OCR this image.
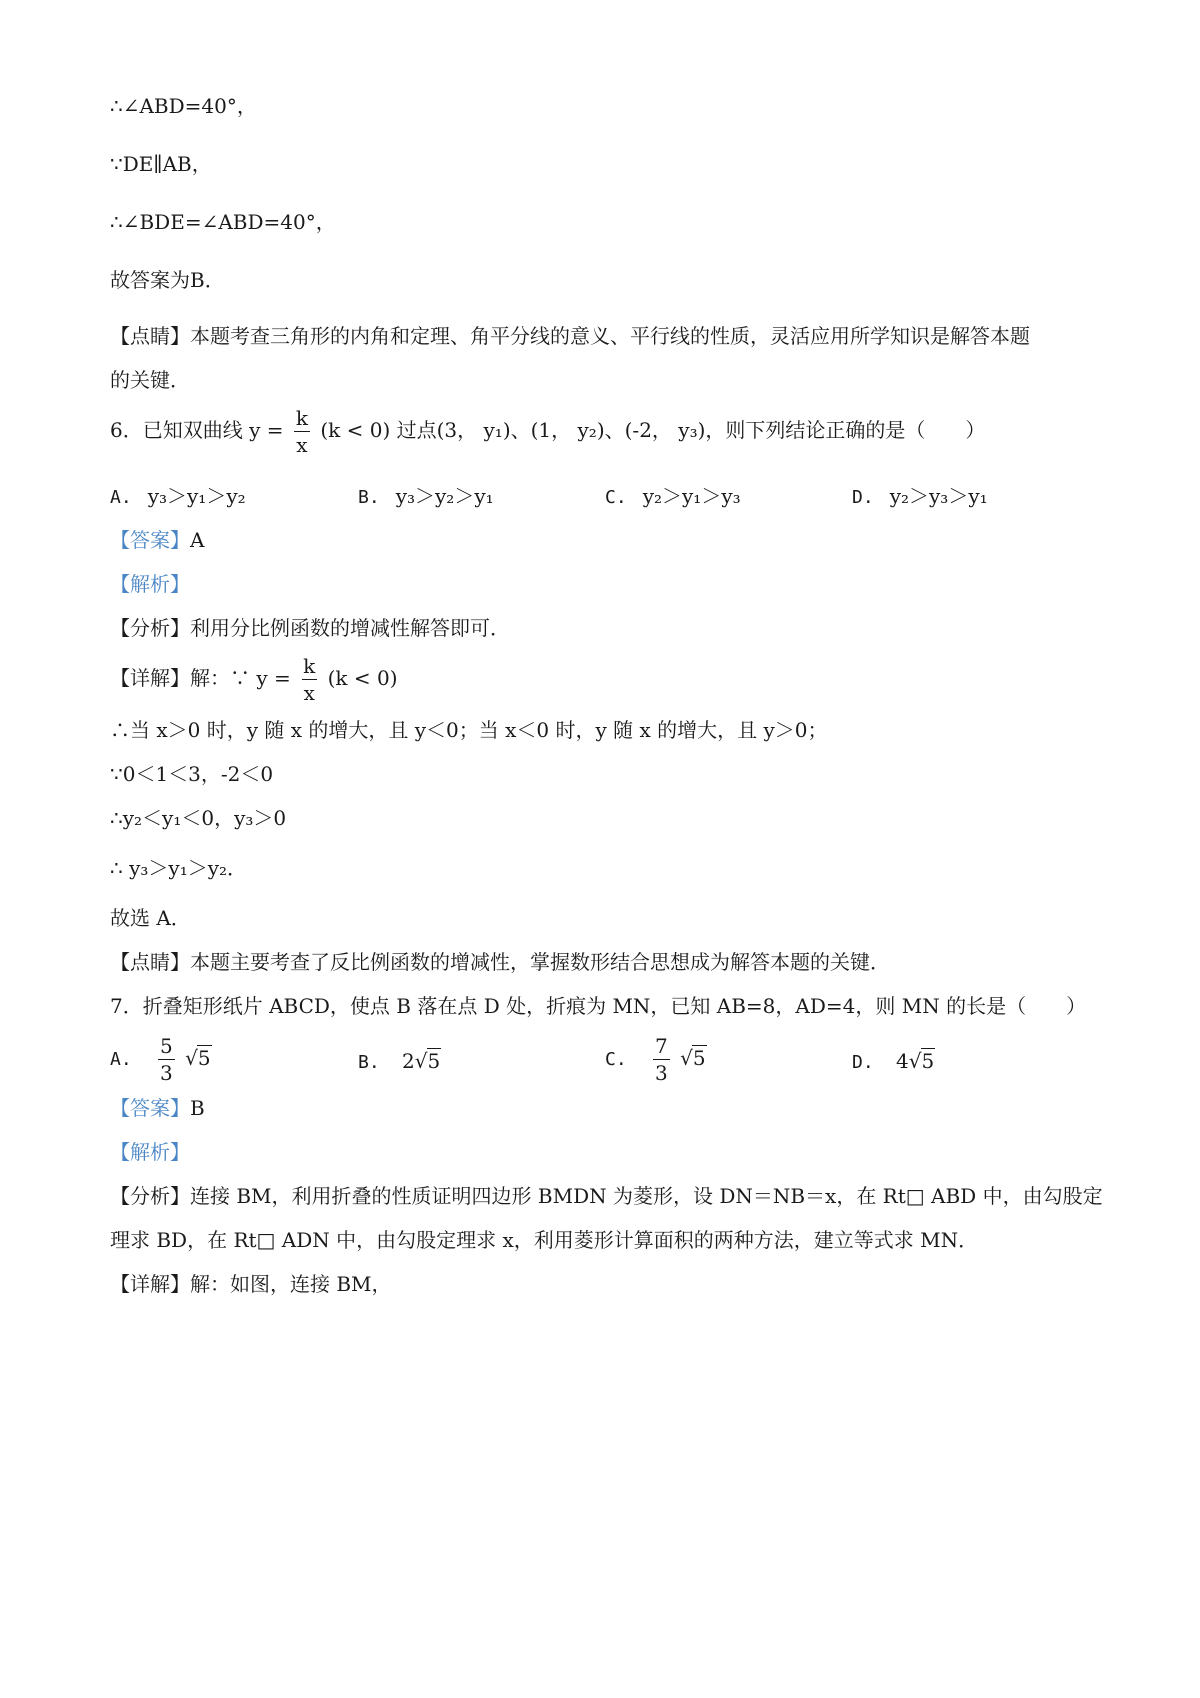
∴∠ABD=40°，
∵DE∥AB，
∴∠BDE=∠ABD=40°，
故答案为B．
【点睛】本题考查三角形的内角和定理、角平分线的意义、平行线的性质，灵活应用所学知识是解答本题
的关键．
6．已知双曲线 $y = \frac{k}{x} (k < 0)$ 过点(3， y₁)、(1， y₂)、(-2， y₃)，则下列结论正确的是（　　）
A. y₃＞y₁＞y₂	B. y₃＞y₂＞y₁	C. y₂＞y₁＞y₃	D. y₂＞y₃＞y₁
【答案】A
【解析】
【分析】利用分比例函数的增减性解答即可．
【详解】解：∵ $y = \frac{k}{x} (k < 0)$
∴当 x＞0 时，y 随 x 的增大，且 y＜0；当 x＜0 时，y 随 x 的增大，且 y＞0；
∵0＜1＜3，-2＜0
∴y₂＜y₁＜0，y₃＞0
∴ y₃＞y₁＞y₂．
故选 A．
【点睛】本题主要考查了反比例函数的增减性，掌握数形结合思想成为解答本题的关键．
7．折叠矩形纸片 ABCD，使点 B 落在点 D 处，折痕为 MN，已知 AB=8，AD=4，则 MN 的长是（　　）
A. $\frac{5}{3} √5$	B. 2√5	C. $\frac{7}{3} √5$	D. 4√5
【答案】B
【解析】
【分析】连接 BM，利用折叠的性质证明四边形 BMDN 为菱形，设 DN＝NB＝x，在 Rt□ ABD 中，由勾股定
理求 BD，在 Rt□ ADN 中，由勾股定理求 x，利用菱形计算面积的两种方法，建立等式求 MN．
【详解】解：如图，连接 BM，
